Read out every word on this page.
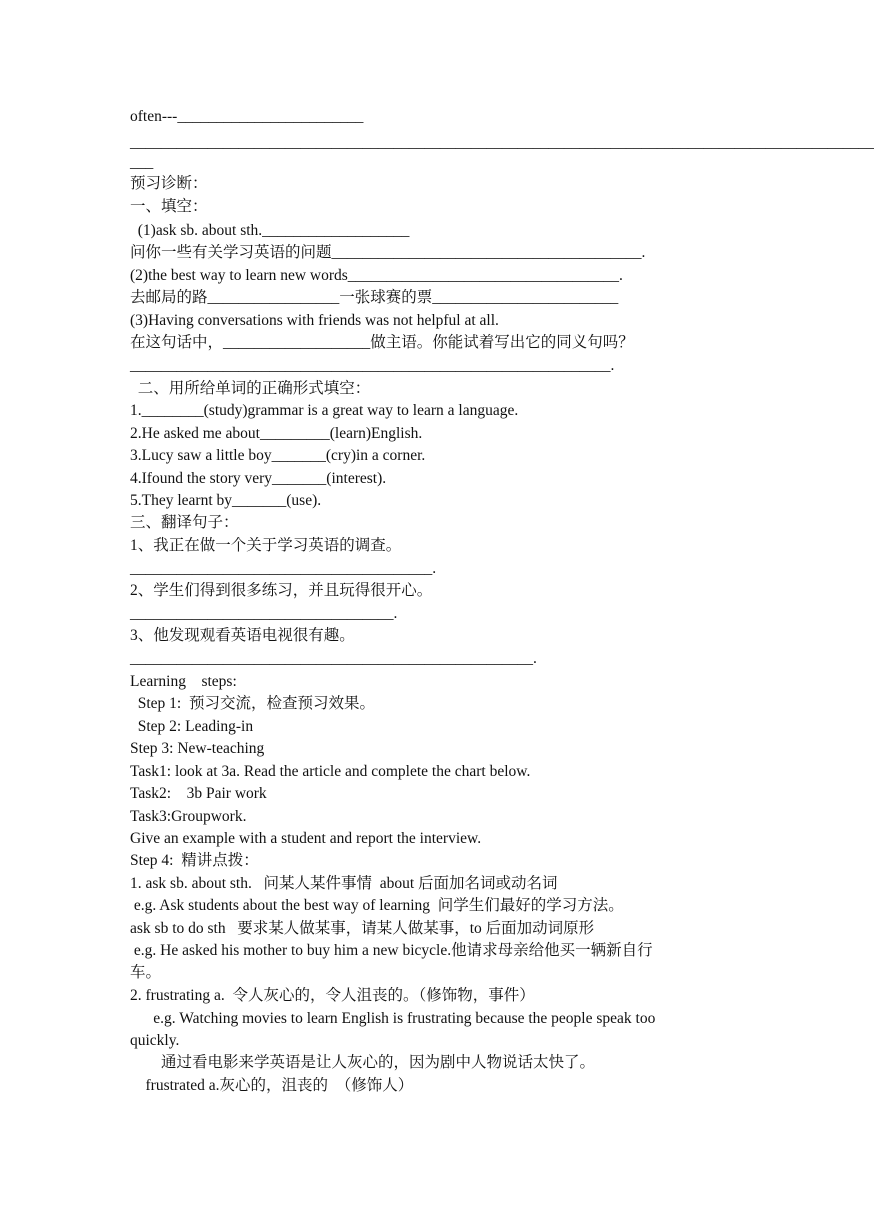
often---________________________
________________________________________________________________________________________________
___
预习诊断：
一、填空：
(1)ask sb. about sth.___________________
问你一些有关学习英语的问题________________________________________.
(2)the best way to learn new words___________________________________.
去邮局的路_________________一张球赛的票________________________
(3)Having conversations with friends was not helpful at all.
在这句话中，___________________做主语。你能试着写出它的同义句吗？
______________________________________________________________.
二、用所给单词的正确形式填空：
1.________(study)grammar is a great way to learn a language.
2.He asked me about_________(learn)English.
3.Lucy saw a little boy_______(cry)in a corner.
4.Ifound the story very_______(interest).
5.They learnt by_______(use).
三、翻译句子：
1、我正在做一个关于学习英语的调查。
_______________________________________.
2、学生们得到很多练习，并且玩得很开心。
__________________________________.
3、他发现观看英语电视很有趣。
____________________________________________________.
Learning    steps:
Step 1:  预习交流，检查预习效果。
Step 2: Leading-in
Step 3: New-teaching
Task1: look at 3a. Read the article and complete the chart below.
Task2:    3b Pair work
Task3:Groupwork.
Give an example with a student and report the interview.
Step 4:  精讲点拨：
1. ask sb. about sth.   问某人某件事情  about 后面加名词或动名词
e.g. Ask students about the best way of learning  问学生们最好的学习方法。
ask sb to do sth   要求某人做某事，请某人做某事，to 后面加动词原形
e.g. He asked his mother to buy him a new bicycle.他请求母亲给他买一辆新自行
车。
2. frustrating a.  令人灰心的，令人沮丧的。（修饰物，事件）
e.g. Watching movies to learn English is frustrating because the people speak too
quickly.
通过看电影来学英语是让人灰心的，因为剧中人物说话太快了。
frustrated a.灰心的，沮丧的  （修饰人）
